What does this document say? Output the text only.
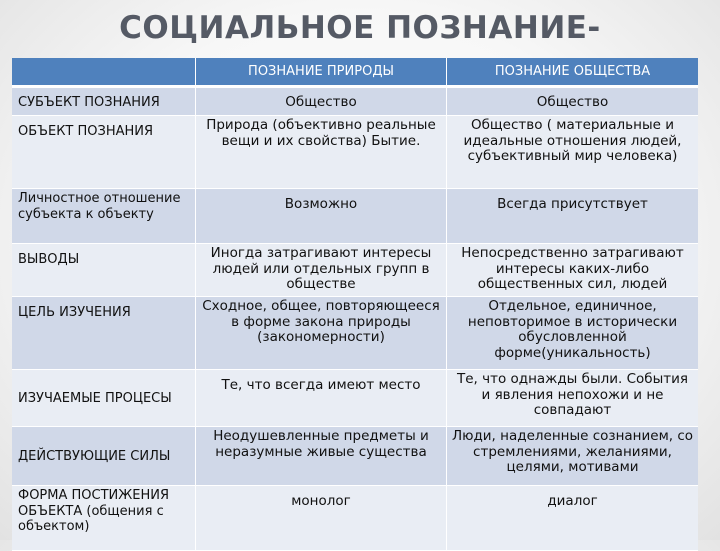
СОЦИАЛЬНОЕ ПОЗНАНИЕ-
	ПОЗНАНИЕ ПРИРОДЫ	ПОЗНАНИЕ ОБЩЕСТВА
СУБЪЕКТ ПОЗНАНИЯ	Общество	Общество

ОБЪЕКТ ПОЗНАНИЯ	Природа (объективно реальные вещи и их свойства) Бытие.	Общество ( материальные и идеальные отношения людей, субъективный мир человека)
Личностное отношение субъекта к объекту	Возможно	Всегда присутствует

ВЫВОДЫ	Иногда затрагивают интересы людей или отдельных групп в обществе	Непосредственно затрагивают интересы каких-либо общественных сил, людей

ЦЕЛЬ ИЗУЧЕНИЯ	Сходное, общее, повторяющееся в форме закона природы (закономерности)	Отдельное, единичное, неповторимое в исторически обусловленной форме(уникальность)
ИЗУЧАЕМЫЕ ПРОЦЕСЫ	Те, что всегда имеют место	Те, что однажды были. События и явления непохожи и не совпадают
ДЕЙСТВУЮЩИЕ СИЛЫ	Неодушевленные предметы и неразумные живые существа	Люди, наделенные сознанием, со стремлениями, желаниями, целями, мотивами
ФОРМА ПОСТИЖЕНИЯ ОБЪЕКТА (общения с объектом)	монолог	диалог
